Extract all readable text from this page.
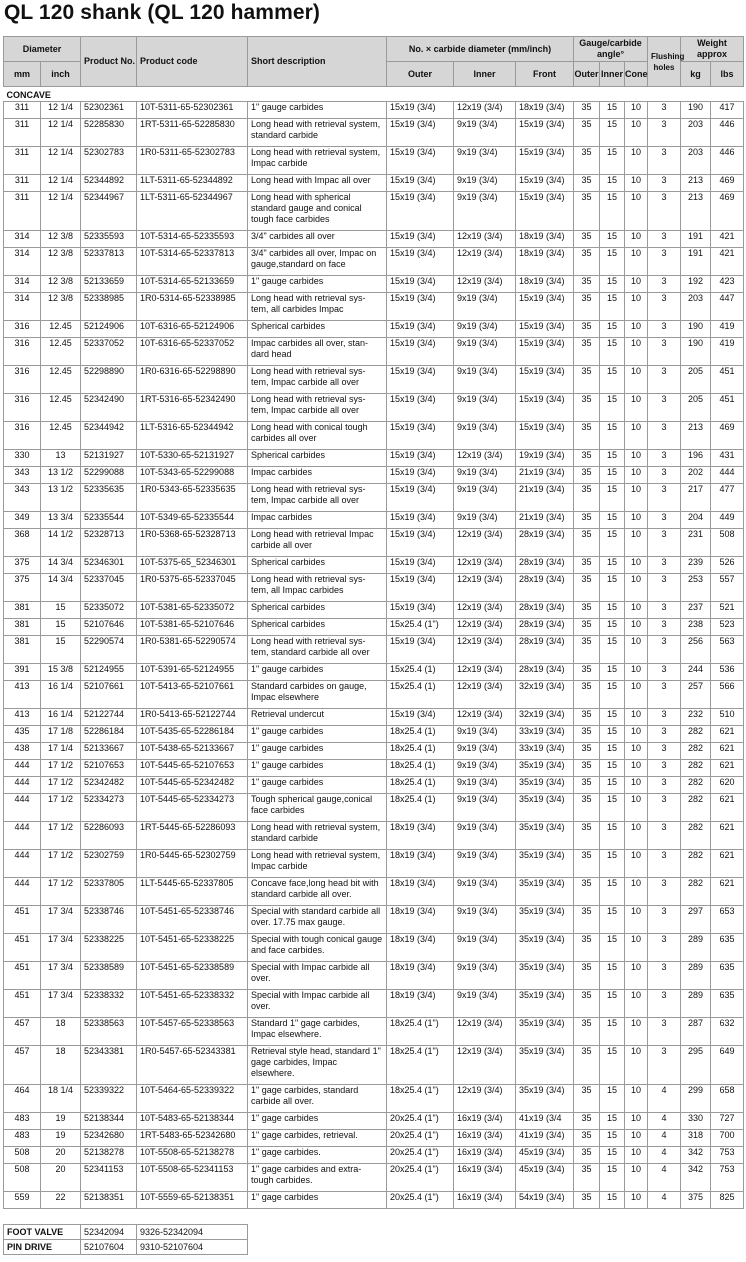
QL 120 shank (QL 120 hammer)
Diameter		Product No.	Product code	Short description	No. × carbide diameter (mm/inch)			Gauge/carbide angle°			Flushing holes	Weight approx	
mm	inch				Outer	Inner	Front	Outer	Inner	Cone		kg	lbs
CONCAVE													
311	12 1/4	52302361	10T-5311-65-52302361	1" gauge carbides	15x19 (3/4)	12x19 (3/4)	18x19 (3/4)	35	15	10	3	190	417
311	12 1/4	52285830	1RT-5311-65-52285830	Long head with retrieval system, standard carbide	15x19 (3/4)	9x19 (3/4)	15x19 (3/4)	35	15	10	3	203	446
311	12 1/4	52302783	1R0-5311-65-52302783	Long head with retrieval system, Impac carbide	15x19 (3/4)	9x19 (3/4)	15x19 (3/4)	35	15	10	3	203	446
311	12 1/4	52344892	1LT-5311-65-52344892	Long head with Impac all over	15x19 (3/4)	9x19 (3/4)	15x19 (3/4)	35	15	10	3	213	469
311	12 1/4	52344967	1LT-5311-65-52344967	Long head with spherical standard gauge and conical tough face carbides	15x19 (3/4)	9x19 (3/4)	15x19 (3/4)	35	15	10	3	213	469
314	12 3/8	52335593	10T-5314-65-52335593	3/4" carbides all over	15x19 (3/4)	12x19 (3/4)	18x19 (3/4)	35	15	10	3	191	421
314	12 3/8	52337813	10T-5314-65-52337813	3/4" carbides all over, Impac on gauge,standard on face	15x19 (3/4)	12x19 (3/4)	18x19 (3/4)	35	15	10	3	191	421
314	12 3/8	52133659	10T-5314-65-52133659	1" gauge carbides	15x19 (3/4)	12x19 (3/4)	18x19 (3/4)	35	15	10	3	192	423
314	12 3/8	52338985	1R0-5314-65-52338985	Long head with retrieval sys-tem, all carbides Impac	15x19 (3/4)	9x19 (3/4)	15x19 (3/4)	35	15	10	3	203	447
316	12.45	52124906	10T-6316-65-52124906	Spherical carbides	15x19 (3/4)	9x19 (3/4)	15x19 (3/4)	35	15	10	3	190	419
316	12.45	52337052	10T-6316-65-52337052	Impac carbides all over, stan-dard head	15x19 (3/4)	9x19 (3/4)	15x19 (3/4)	35	15	10	3	190	419
316	12.45	52298890	1R0-6316-65-52298890	Long head with retrieval sys-tem, Impac carbide all over	15x19 (3/4)	9x19 (3/4)	15x19 (3/4)	35	15	10	3	205	451
316	12.45	52342490	1RT-5316-65-52342490	Long head with retrieval sys-tem, Impac carbide all over	15x19 (3/4)	9x19 (3/4)	15x19 (3/4)	35	15	10	3	205	451
316	12.45	52344942	1LT-5316-65-52344942	Long head with conical tough carbides all over	15x19 (3/4)	9x19 (3/4)	15x19 (3/4)	35	15	10	3	213	469
330	13	52131927	10T-5330-65-52131927	Spherical carbides	15x19 (3/4)	12x19 (3/4)	19x19 (3/4)	35	15	10	3	196	431
343	13 1/2	52299088	10T-5343-65-52299088	Impac carbides	15x19 (3/4)	9x19 (3/4)	21x19 (3/4)	35	15	10	3	202	444
343	13 1/2	52335635	1R0-5343-65-52335635	Long head with retrieval sys-tem, Impac carbide all over	15x19 (3/4)	9x19 (3/4)	21x19 (3/4)	35	15	10	3	217	477
349	13 3/4	52335544	10T-5349-65-52335544	Impac carbides	15x19 (3/4)	9x19 (3/4)	21x19 (3/4)	35	15	10	3	204	449
368	14 1/2	52328713	1R0-5368-65-52328713	Long head with retrieval Impac carbide all over	15x19 (3/4)	12x19 (3/4)	28x19 (3/4)	35	15	10	3	231	508
375	14 3/4	52346301	10T-5375-65_52346301	Spherical carbides	15x19 (3/4)	12x19 (3/4)	28x19 (3/4)	35	15	10	3	239	526
375	14 3/4	52337045	1R0-5375-65-52337045	Long head with retrieval sys-tem, all Impac carbides	15x19 (3/4)	12x19 (3/4)	28x19 (3/4)	35	15	10	3	253	557
381	15	52335072	10T-5381-65-52335072	Spherical carbides	15x19 (3/4)	12x19 (3/4)	28x19 (3/4)	35	15	10	3	237	521
381	15	52107646	10T-5381-65-52107646	Spherical carbides	15x25.4 (1")	12x19 (3/4)	28x19 (3/4)	35	15	10	3	238	523
381	15	52290574	1R0-5381-65-52290574	Long head with retrieval sys-tem, standard carbide all over	15x19 (3/4)	12x19 (3/4)	28x19 (3/4)	35	15	10	3	256	563
391	15 3/8	52124955	10T-5391-65-52124955	1" gauge carbides	15x25.4 (1)	12x19 (3/4)	28x19 (3/4)	35	15	10	3	244	536
413	16 1/4	52107661	10T-5413-65-52107661	Standard carbides on gauge, Impac elsewhere	15x25.4 (1)	12x19 (3/4)	32x19 (3/4)	35	15	10	3	257	566
413	16 1/4	52122744	1R0-5413-65-52122744	Retrieval undercut	15x19 (3/4)	12x19 (3/4)	32x19 (3/4)	35	15	10	3	232	510
435	17 1/8	52286184	10T-5435-65-52286184	1" gauge carbides	18x25.4 (1)	9x19 (3/4)	33x19 (3/4)	35	15	10	3	282	621
438	17 1/4	52133667	10T-5438-65-52133667	1" gauge carbides	18x25.4 (1)	9x19 (3/4)	33x19 (3/4)	35	15	10	3	282	621
444	17 1/2	52107653	10T-5445-65-52107653	1" gauge carbides	18x25.4 (1)	9x19 (3/4)	35x19 (3/4)	35	15	10	3	282	621
444	17 1/2	52342482	10T-5445-65-52342482	1" gauge carbides	18x25.4 (1)	9x19 (3/4)	35x19 (3/4)	35	15	10	3	282	620
444	17 1/2	52334273	10T-5445-65-52334273	Tough spherical gauge,conical face carbides	18x25.4 (1)	9x19 (3/4)	35x19 (3/4)	35	15	10	3	282	621
444	17 1/2	52286093	1RT-5445-65-52286093	Long head with retrieval system, standard carbide	18x19 (3/4)	9x19 (3/4)	35x19 (3/4)	35	15	10	3	282	621
444	17 1/2	52302759	1R0-5445-65-52302759	Long head with retrieval system, Impac carbide	18x19 (3/4)	9x19 (3/4)	35x19 (3/4)	35	15	10	3	282	621
444	17 1/2	52337805	1LT-5445-65-52337805	Concave face,long head bit with standard carbide all over.	18x19 (3/4)	9x19 (3/4)	35x19 (3/4)	35	15	10	3	282	621
451	17 3/4	52338746	10T-5451-65-52338746	Special with standard carbide all over. 17.75 max gauge.	18x19 (3/4)	9x19 (3/4)	35x19 (3/4)	35	15	10	3	297	653
451	17 3/4	52338225	10T-5451-65-52338225	Special with tough conical gauge and face carbides.	18x19 (3/4)	9x19 (3/4)	35x19 (3/4)	35	15	10	3	289	635
451	17 3/4	52338589	10T-5451-65-52338589	Special with Impac carbide all over.	18x19 (3/4)	9x19 (3/4)	35x19 (3/4)	35	15	10	3	289	635
451	17 3/4	52338332	10T-5451-65-52338332	Special with Impac carbide all over.	18x19 (3/4)	9x19 (3/4)	35x19 (3/4)	35	15	10	3	289	635
457	18	52338563	10T-5457-65-52338563	Standard 1" gage carbides, Impac elsewhere.	18x25.4 (1")	12x19 (3/4)	35x19 (3/4)	35	15	10	3	287	632
457	18	52343381	1R0-5457-65-52343381	Retrieval style head, standard 1" gage carbides, Impac elsewhere.	18x25.4 (1")	12x19 (3/4)	35x19 (3/4)	35	15	10	3	295	649
464	18 1/4	52339322	10T-5464-65-52339322	1" gage carbides, standard carbide all over.	18x25.4 (1")	12x19 (3/4)	35x19 (3/4)	35	15	10	4	299	658
483	19	52138344	10T-5483-65-52138344	1" gage carbides	20x25.4 (1")	16x19 (3/4)	41x19 (3/4	35	15	10	4	330	727
483	19	52342680	1RT-5483-65-52342680	1" gage carbides, retrieval.	20x25.4 (1")	16x19 (3/4)	41x19 (3/4)	35	15	10	4	318	700
508	20	52138278	10T-5508-65-52138278	1" gage carbides.	20x25.4 (1")	16x19 (3/4)	45x19 (3/4)	35	15	10	4	342	753
508	20	52341153	10T-5508-65-52341153	1" gage carbides and extra-tough carbides.	20x25.4 (1")	16x19 (3/4)	45x19 (3/4)	35	15	10	4	342	753
559	22	52138351	10T-5559-65-52138351	1" gage carbides	20x25.4 (1")	16x19 (3/4)	54x19 (3/4)	35	15	10	4	375	825
FOOT VALVE	52342094	9326-52342094
PIN DRIVE	52107604	9310-52107604
